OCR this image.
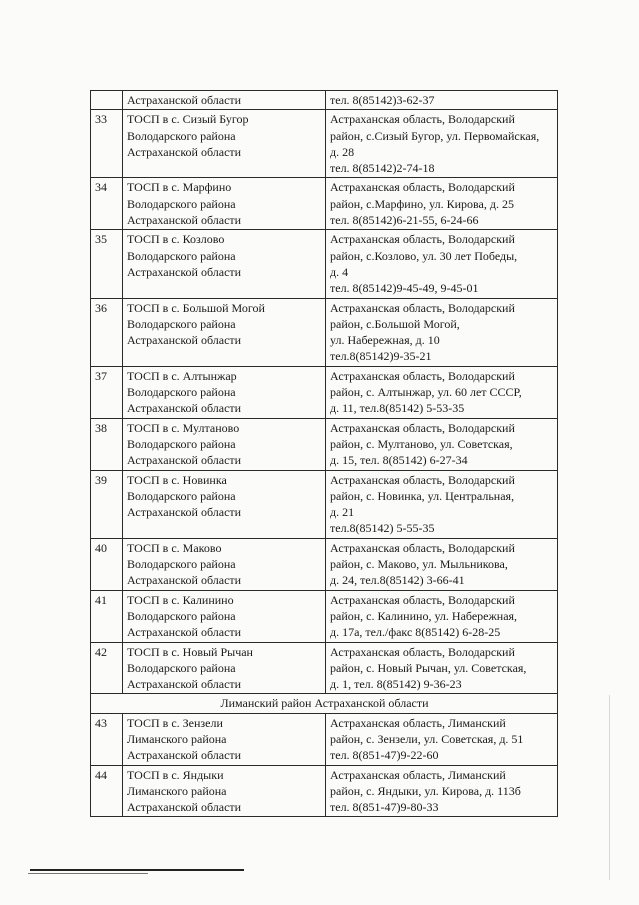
	Астраханской области	тел. 8(85142)3-62-37
33	ТОСП в с. Сизый Бугор
Володарского района
Астраханской области	Астраханская область, Володарский
район, с.Сизый Бугор, ул. Первомайская,
д. 28
тел. 8(85142)2-74-18
34	ТОСП в с. Марфино
Володарского района
Астраханской области	Астраханская область, Володарский
район, с.Марфино, ул. Кирова, д. 25
тел. 8(85142)6-21-55, 6-24-66
35	ТОСП в с. Козлово
Володарского района
Астраханской области	Астраханская область, Володарский
район, с.Козлово, ул. 30 лет Победы,
д. 4
тел. 8(85142)9-45-49, 9-45-01
36	ТОСП в с. Большой Могой
Володарского района
Астраханской области	Астраханская область, Володарский
район, с.Большой Могой,
ул. Набережная, д. 10
тел.8(85142)9-35-21
37	ТОСП в с. Алтынжар
Володарского района
Астраханской области	Астраханская область, Володарский
район, с. Алтынжар, ул. 60 лет СССР,
д. 11, тел.8(85142) 5-53-35
38	ТОСП в с. Мултаново
Володарского района
Астраханской области	Астраханская область, Володарский
район, с. Мултаново, ул. Советская,
д. 15, тел. 8(85142) 6-27-34
39	ТОСП в с. Новинка
Володарского района
Астраханской области	Астраханская область, Володарский
район, с. Новинка, ул. Центральная,
д. 21
тел.8(85142) 5-55-35
40	ТОСП в с. Маково
Володарского района
Астраханской области	Астраханская область, Володарский
район, с. Маково, ул. Мыльникова,
д. 24, тел.8(85142) 3-66-41
41	ТОСП в с. Калинино
Володарского района
Астраханской области	Астраханская область, Володарский
район, с. Калинино, ул. Набережная,
д. 17а, тел./факс 8(85142) 6-28-25
42	ТОСП в с. Новый Рычан
Володарского района
Астраханской области	Астраханская область, Володарский
район, с. Новый Рычан, ул. Советская,
д. 1, тел. 8(85142) 9-36-23
Лиманский район Астраханской области		
43	ТОСП в с. Зензели
Лиманского района
Астраханской области	Астраханская область, Лиманский
район, с. Зензели, ул. Советская, д. 51
тел. 8(851-47)9-22-60
44	ТОСП в с. Яндыки
Лиманского района
Астраханской области	Астраханская область, Лиманский
район, с. Яндыки, ул. Кирова, д. 113б
тел. 8(851-47)9-80-33
